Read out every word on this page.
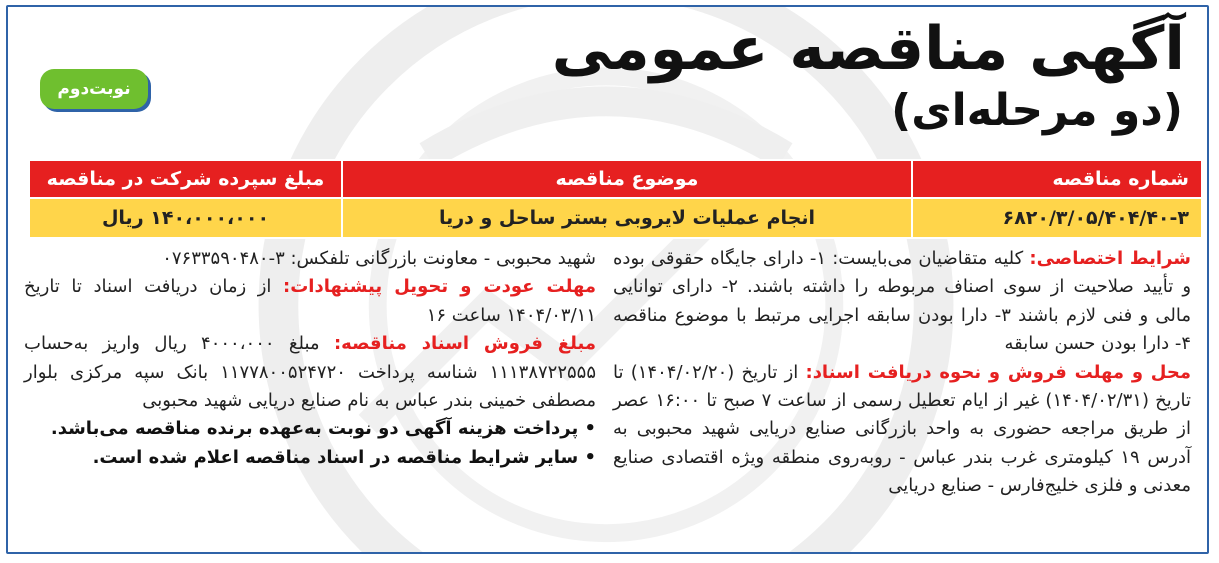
آگهی مناقصه عمومی
(دو مرحله‌ای)
نوبت‌دوم
شماره مناقصه	موضوع مناقصه	مبلغ سپرده شرکت در مناقصه
۶۸۲۰/۳/۰۵/۴۰۴/۴۰-۳	انجام عملیات لایروبی بستر ساحل و دریا	۱۴۰،۰۰۰،۰۰۰ ریال

شرایط اختصاصی: کلیه متقاضیان می‌بایست: ۱- دارای جایگاه حقوقی بوده و تأیید صلاحیت از سوی اصناف مربوطه را داشته باشند. ۲- دارای توانایی مالی و فنی لازم باشند ۳- دارا بودن سابقه اجرایی مرتبط با موضوع مناقصه ۴- دارا بودن حسن سابقه

محل و مهلت فروش و نحوه دریافت اسناد: از تاریخ (۱۴۰۴/۰۲/۲۰) تا تاریخ (۱۴۰۴/۰۲/۳۱) غیر از ایام تعطیل رسمی از ساعت ۷ صبح تا ۱۶:۰۰ عصر از طریق مراجعه حضوری به واحد بازرگانی صنایع دریایی شهید محبوبی به آدرس ۱۹ کیلومتری غرب بندر عباس - روبه‌روی منطقه ویژه اقتصادی صنایع معدنی و فلزی خلیج‌فارس - صنایع دریایی

شهید محبوبی - معاونت بازرگانی تلفکس: ۳-۰۷۶۳۳۵۹۰۴۸۰

مهلت عودت و تحویل پیشنهادات: از زمان دریافت اسناد تا تاریخ ۱۴۰۴/۰۳/۱۱ ساعت ۱۶

مبلغ فروش اسناد مناقصه: مبلغ ۴۰۰۰،۰۰۰ ریال واریز به‌حساب ۱۱۱۳۸۷۲۲۵۵۵ شناسه پرداخت ۱۱۷۷۸۰۰۵۲۴۷۲۰ بانک سپه مرکزی بلوار مصطفی خمینی بندر عباس به نام صنایع دریایی شهید محبوبی

• پرداخت هزینه آگهی دو نوبت به‌عهده برنده مناقصه می‌باشد.

• سایر شرایط مناقصه در اسناد مناقصه اعلام شده است.
